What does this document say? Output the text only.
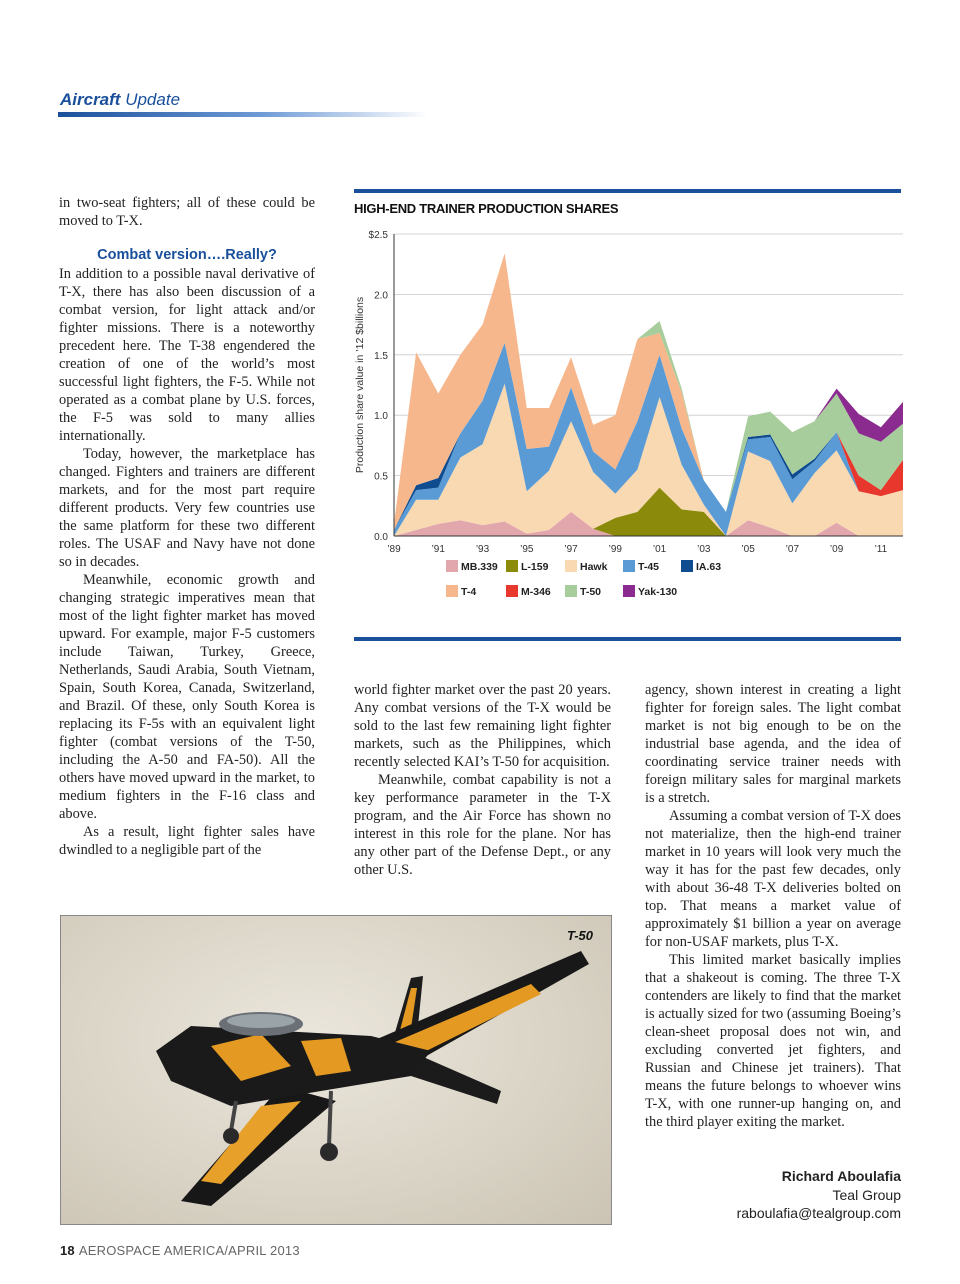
Aircraft Update

in two-seat fighters; all of these could be moved to T-X.

Combat version….Really?

In addition to a possible naval derivative of T-X, there has also been discussion of a combat version, for light attack and/or fighter missions. There is a noteworthy precedent here. The T-38 engendered the creation of one of the world’s most successful light fighters, the F-5. While not operated as a combat plane by U.S. forces, the F-5 was sold to many allies internationally.

Today, however, the marketplace has changed. Fighters and trainers are different markets, and for the most part require different products. Very few countries use the same platform for these two different roles. The USAF and Navy have not done so in decades.

Meanwhile, economic growth and changing strategic imperatives mean that most of the light fighter market has moved upward. For example, major F-5 customers include Taiwan, Turkey, Greece, Netherlands, Saudi Arabia, South Vietnam, Spain, South Korea, Canada, Switzerland, and Brazil. Of these, only South Korea is replacing its F-5s with an equivalent light fighter (combat versions of the T-50, including the A-50 and FA-50). All the others have moved upward in the market, to medium fighters in the F-16 class and above.

As a result, light fighter sales have dwindled to a negligible part of the

HIGH-END TRAINER PRODUCTION SHARES
0.0
0.5
1.0
1.5
2.0
$2.5
’89	’91	’93	’95	’97	’99	’01	’03	’05	’07	’09	’11
Production share value in ’12 $billions
MB.339 L-159	Hawk	T-45	IA.63
T-4	M-346	T-50	Yak-130

world fighter market over the past 20 years. Any combat versions of the T-X would be sold to the last few remaining light fighter markets, such as the Philippines, which recently selected KAI’s T-50 for acquisition.

Meanwhile, combat capability is not a key performance parameter in the T-X program, and the Air Force has shown no interest in this role for the plane. Nor has any other part of the Defense Dept., or any other U.S.

agency, shown interest in creating a light fighter for foreign sales. The light combat market is not big enough to be on the industrial base agenda, and the idea of coordinating service trainer needs with foreign military sales for marginal markets is a stretch.

Assuming a combat version of T-X does not materialize, then the high-end trainer market in 10 years will look very much the way it has for the past few decades, only with about 36-48 T-X deliveries bolted on top. That means a market value of approximately $1 billion a year on average for non-USAF markets, plus T-X.

This limited market basically implies that a shakeout is coming. The three T-X contenders are likely to find that the market is actually sized for two (assuming Boeing’s clean-sheet proposal does not win, and excluding converted jet fighters, and Russian and Chinese jet trainers). That means the future belongs to whoever wins T-X, with one runner-up hanging on, and the third player exiting the market.

Richard Aboulafia
Teal Group
raboulafia@tealgroup.com
T-50
18 AEROSPACE AMERICA/APRIL 2013
